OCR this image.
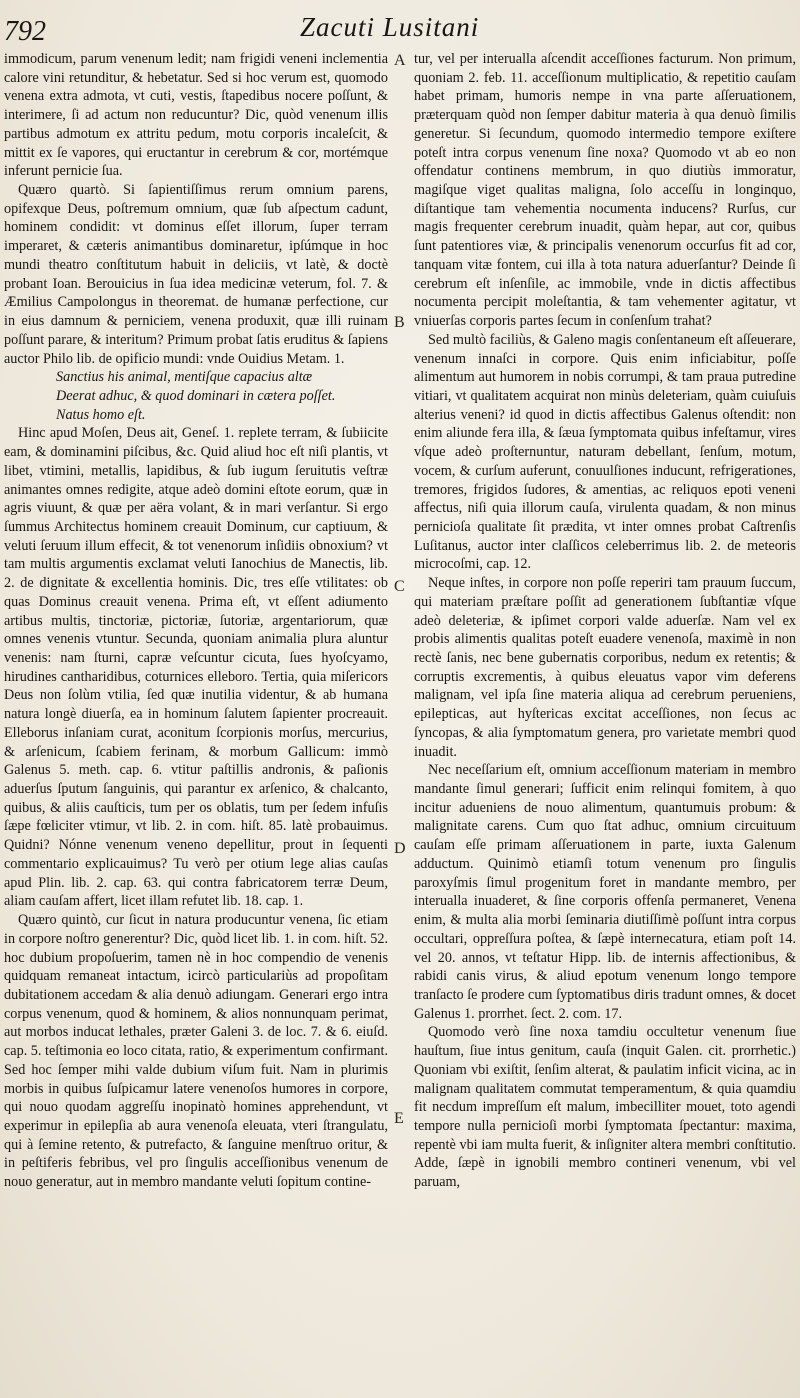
792	Zacuti Lusitani

immodicum, parum venenum ledit; nam frigidi veneni inclementia calore vini retunditur, & hebetatur. Sed si hoc verum est, quomodo venena extra admota, vt cuti, vestis, ſtapedibus nocere poſſunt, & interimere, ſi ad actum non reducuntur? Dic, quòd venenum illis partibus admotum ex attritu pedum, motu corporis incaleſcit, & mittit ex ſe vapores, qui eructantur in cerebrum & cor, mortémque inferunt pernicie ſua.

Quæro quartò. Si ſapientiſſimus rerum omnium parens, opifexque Deus, poſtremum omnium, quæ ſub aſpectum cadunt, hominem condidit: vt dominus eſſet illorum, ſuper terram imperaret, & cæteris animantibus dominaretur, ipſúmque in hoc mundi theatro conſtitutum habuit in deliciis, vt latè, & doctè probant Ioan. Berouicius in ſua idea medicinæ veterum, fol. 7. & Æmilius Campolongus in theoremat. de humanæ perfectione, cur in eius damnum & perniciem, venena produxit, quæ illi ruinam poſſunt parare, & interitum? Primum probat ſatis eruditus & ſapiens auctor Philo lib. de opificio mundi: vnde Ouidius Metam. 1.

Sanctius his animal, mentiſque capacius altæ

Deerat adhuc, & quod dominari in cætera poſſet.

Natus homo eſt.

Hinc apud Moſen, Deus ait, Geneſ. 1. replete terram, & ſubiicite eam, & dominamini piſcibus, &c. Quid aliud hoc eſt niſi plantis, vt libet, vtimini, metallis, lapidibus, & ſub iugum ſeruitutis veſtræ animantes omnes redigite, atque adeò domini eſtote eorum, quæ in agris viuunt, & quæ per aëra volant, & in mari verſantur. Si ergo ſummus Architectus hominem creauit Dominum, cur captiuum, & veluti ſeruum illum effecit, & tot venenorum inſidiis obnoxium? vt tam multis argumentis exclamat veluti Ianochius de Manectis, lib. 2. de dignitate & excellentia hominis. Dic, tres eſſe vtilitates: ob quas Dominus creauit venena. Prima eſt, vt eſſent adiumento artibus multis, tinctoriæ, pictoriæ, ſutoriæ, argentariorum, quæ omnes venenis vtuntur. Secunda, quoniam animalia plura aluntur venenis: nam ſturni, capræ veſcuntur cicuta, ſues hyoſcyamo, hirudines cantharidibus, coturnices elleboro. Tertia, quia miſericors Deus non ſolùm vtilia, ſed quæ inutilia videntur, & ab humana natura longè diuerſa, ea in hominum ſalutem ſapienter procreauit. Elleborus inſaniam curat, aconitum ſcorpionis morſus, mercurius, & arſenicum, ſcabiem ferinam, & morbum Gallicum: immò Galenus 5. meth. cap. 6. vtitur paſtillis andronis, & paſionis aduerſus ſputum ſanguinis, qui parantur ex arſenico, & chalcanto, quibus, & aliis cauſticis, tum per os oblatis, tum per ſedem infuſis ſæpe fœliciter vtimur, vt lib. 2. in com. hiſt. 85. latè probauimus. Quidni? Nónne venenum veneno depellitur, prout in ſequenti commentario explicauimus? Tu verò per otium lege alias cauſas apud Plin. lib. 2. cap. 63. qui contra fabricatorem terræ Deum, aliam cauſam affert, licet illam refutet lib. 18. cap. 1.

Quæro quintò, cur ſicut in natura producuntur venena, ſic etiam in corpore noſtro generentur? Dic, quòd licet lib. 1. in com. hiſt. 52. hoc dubium propoſuerim, tamen nè in hoc compendio de venenis quidquam remaneat intactum, icircò particulariùs ad propoſitam dubitationem accedam & alia denuò adiungam. Generari ergo intra corpus venenum, quod & hominem, & alios nonnunquam perimat, aut morbos inducat lethales, præter Galeni 3. de loc. 7. & 6. eiuſd. cap. 5. teſtimonia eo loco citata, ratio, & experimentum confirmant. Sed hoc ſemper mihi valde dubium viſum fuit. Nam in plurimis morbis in quibus ſuſpicamur latere venenoſos humores in corpore, qui nouo quodam aggreſſu inopinatò homines apprehendunt, vt experimur in epilepſia ab aura venenoſa eleuata, vteri ſtrangulatu, qui à ſemine retento, & putrefacto, & ſanguine menſtruo oritur, & in peſtiferis febribus, vel pro ſingulis acceſſionibus venenum de nouo generatur, aut in membro mandante veluti ſopitum contine-

A
B
C
D
E

tur, vel per interualla aſcendit acceſſiones facturum. Non primum, quoniam 2. feb. 11. acceſſionum multiplicatio, & repetitio cauſam habet primam, humoris nempe in vna parte aſſeruationem, præterquam quòd non ſemper dabitur materia à qua denuò ſimilis generetur. Si ſecundum, quomodo intermedio tempore exiſtere poteſt intra corpus venenum ſine noxa? Quomodo vt ab eo non offendatur continens membrum, in quo diutiùs immoratur, magiſque viget qualitas maligna, ſolo acceſſu in longinquo, diſtantique tam vehementia nocumenta inducens? Rurſus, cur magis frequenter cerebrum inuadit, quàm hepar, aut cor, quibus ſunt patentiores viæ, & principalis venenorum occurſus fit ad cor, tanquam vitæ fontem, cui illa à tota natura aduerſantur? Deinde ſi cerebrum eſt inſenſile, ac immobile, vnde in dictis affectibus nocumenta percipit moleſtantia, & tam vehementer agitatur, vt vniuerſas corporis partes ſecum in conſenſum trahat?

Sed multò faciliùs, & Galeno magis conſentaneum eſt aſſeuerare, venenum innaſci in corpore. Quis enim inficiabitur, poſſe alimentum aut humorem in nobis corrumpi, & tam praua putredine vitiari, vt qualitatem acquirat non minùs deleteriam, quàm cuiuſuis alterius veneni? id quod in dictis affectibus Galenus oſtendit: non enim aliunde fera illa, & ſæua ſymptomata quibus infeſtamur, vires vſque adeò proſternuntur, naturam debellant, ſenſum, motum, vocem, & curſum auferunt, conuulſiones inducunt, refrigerationes, tremores, frigidos ſudores, & amentias, ac reliquos epoti veneni affectus, niſi quia illorum cauſa, virulenta quadam, & non minus pernicioſa qualitate ſit prædita, vt inter omnes probat Caſtrenſis Luſitanus, auctor inter claſſicos celeberrimus lib. 2. de meteoris microcoſmi, cap. 12.

Neque inſtes, in corpore non poſſe reperiri tam prauum ſuccum, qui materiam præſtare poſſit ad generationem ſubſtantiæ vſque adeò deleteriæ, & ipſimet corpori valde aduerſæ. Nam vel ex probis alimentis qualitas poteſt euadere venenoſa, maximè in non rectè ſanis, nec bene gubernatis corporibus, nedum ex retentis; & corruptis excrementis, à quibus eleuatus vapor vim deferens malignam, vel ipſa ſine materia aliqua ad cerebrum perueniens, epilepticas, aut hyſtericas excitat acceſſiones, non ſecus ac ſyncopas, & alia ſymptomatum genera, pro varietate membri quod inuadit.

Nec neceſſarium eſt, omnium acceſſionum materiam in membro mandante ſimul generari; ſufficit enim relinqui fomitem, à quo incitur adueniens de nouo alimentum, quantumuis probum: & malignitate carens. Cum quo ſtat adhuc, omnium circuituum cauſam eſſe primam aſſeruationem in parte, iuxta Galenum adductum. Quinimò etiamſi totum venenum pro ſingulis paroxyſmis ſimul progenitum foret in mandante membro, per interualla inuaderet, & ſine corporis offenſa permaneret, Venena enim, & multa alia morbi ſeminaria diutiſſimè poſſunt intra corpus occultari, oppreſſura poſtea, & ſæpè internecatura, etiam poſt 14. vel 20. annos, vt teſtatur Hipp. lib. de internis affectionibus, & rabidi canis virus, & aliud epotum venenum longo tempore tranſacto ſe prodere cum ſyptomatibus diris tradunt omnes, & docet Galenus 1. prorrhet. ſect. 2. com. 17.

Quomodo verò ſine noxa tamdiu occultetur venenum ſiue hauſtum, ſiue intus genitum, cauſa (inquit Galen. cit. prorrhetic.) Quoniam vbi exiſtit, ſenſim alterat, & paulatim inficit vicina, ac in malignam qualitatem commutat temperamentum, & quia quamdiu fit necdum impreſſum eſt malum, imbecilliter mouet, toto agendi tempore nulla pernicioſi morbi ſymptomata ſpectantur: maxima, repentè vbi iam multa fuerit, & inſigniter altera membri conſtitutio. Adde, ſæpè in ignobili membro contineri venenum, vbi vel paruam,
